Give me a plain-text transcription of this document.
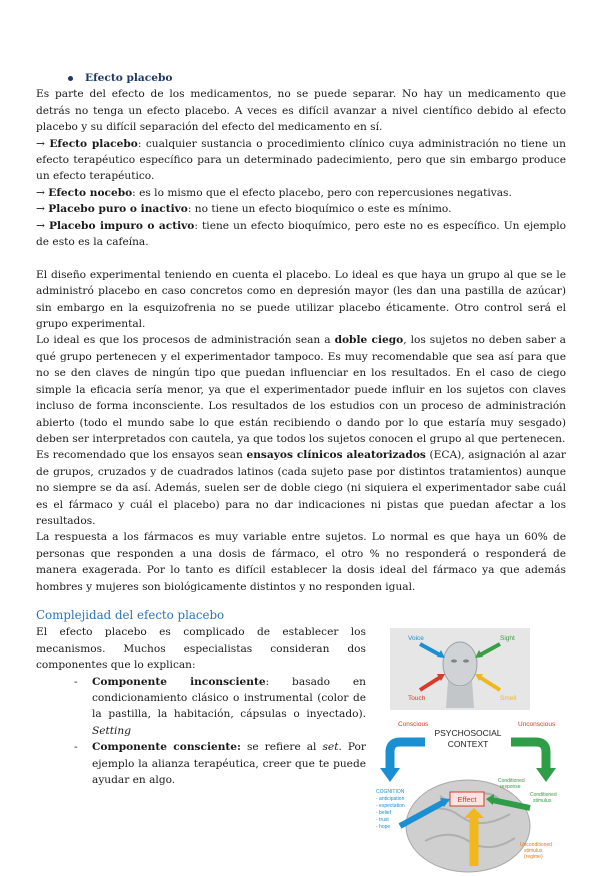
Efecto placebo

Es parte del efecto de los medicamentos, no se puede separar. No hay un medicamento que detrás no tenga un efecto placebo. A veces es difícil avanzar a nivel científico debido al efecto placebo y su difícil separación del efecto del medicamento en sí.

→ Efecto placebo: cualquier sustancia o procedimiento clínico cuya administración no tiene un efecto terapéutico específico para un determinado padecimiento, pero que sin embargo produce un efecto terapéutico.

→ Efecto nocebo: es lo mismo que el efecto placebo, pero con repercusiones negativas.

→ Placebo puro o inactivo: no tiene un efecto bioquímico o este es mínimo.

→ Placebo impuro o activo: tiene un efecto bioquímico, pero este no es específico. Un ejemplo de esto es la cafeína.

El diseño experimental teniendo en cuenta el placebo. Lo ideal es que haya un grupo al que se le administró placebo en caso concretos como en depresión mayor (les dan una pastilla de azúcar) sin embargo en la esquizofrenia no se puede utilizar placebo éticamente. Otro control será el grupo experimental.

Lo ideal es que los procesos de administración sean a doble ciego, los sujetos no deben saber a qué grupo pertenecen y el experimentador tampoco. Es muy recomendable que sea así para que no se den claves de ningún tipo que puedan influenciar en los resultados. En el caso de ciego simple la eficacia sería menor, ya que el experimentador puede influir en los sujetos con claves incluso de forma inconsciente. Los resultados de los estudios con un proceso de administración abierto (todo el mundo sabe lo que están recibiendo o dando por lo que estaría muy sesgado) deben ser interpretados con cautela, ya que todos los sujetos conocen el grupo al que pertenecen.

Es recomendado que los ensayos sean ensayos clínicos aleatorizados (ECA), asignación al azar de grupos, cruzados y de cuadrados latinos (cada sujeto pase por distintos tratamientos) aunque no siempre se da así. Además, suelen ser de doble ciego (ni siquiera el experimentador sabe cuál es el fármaco y cuál el placebo) para no dar indicaciones ni pistas que puedan afectar a los resultados.

La respuesta a los fármacos es muy variable entre sujetos. Lo normal es que haya un 60% de personas que responden a una dosis de fármaco, el otro % no responderá o responderá de manera exagerada. Por lo tanto es difícil establecer la dosis ideal del fármaco ya que además hombres y mujeres son biológicamente distintos y no responden igual.

Complejidad del efecto placebo

El efecto placebo es complicado de establecer los mecanismos. Muchos especialistas consideran dos componentes que lo explican:

-	Componente inconsciente: basado en condicionamiento clásico o instrumental (color de la pastilla, la habitación, cápsulas o inyectado). Setting
-	Componente consciente: se refiere al set. Por ejemplo la alianza terapéutica, creer que te puede ayudar en algo.
Voice	Sight
Touch	Smell
PSYCHOSOCIAL
CONTEXT
Conscious	Unconscious
COGNITION
- anticipation
- expectation
- belief
- trust
- hope
Conditioned
response
Conditioned
stimulus
Effect
Unconditioned
stimulus
(regime)
